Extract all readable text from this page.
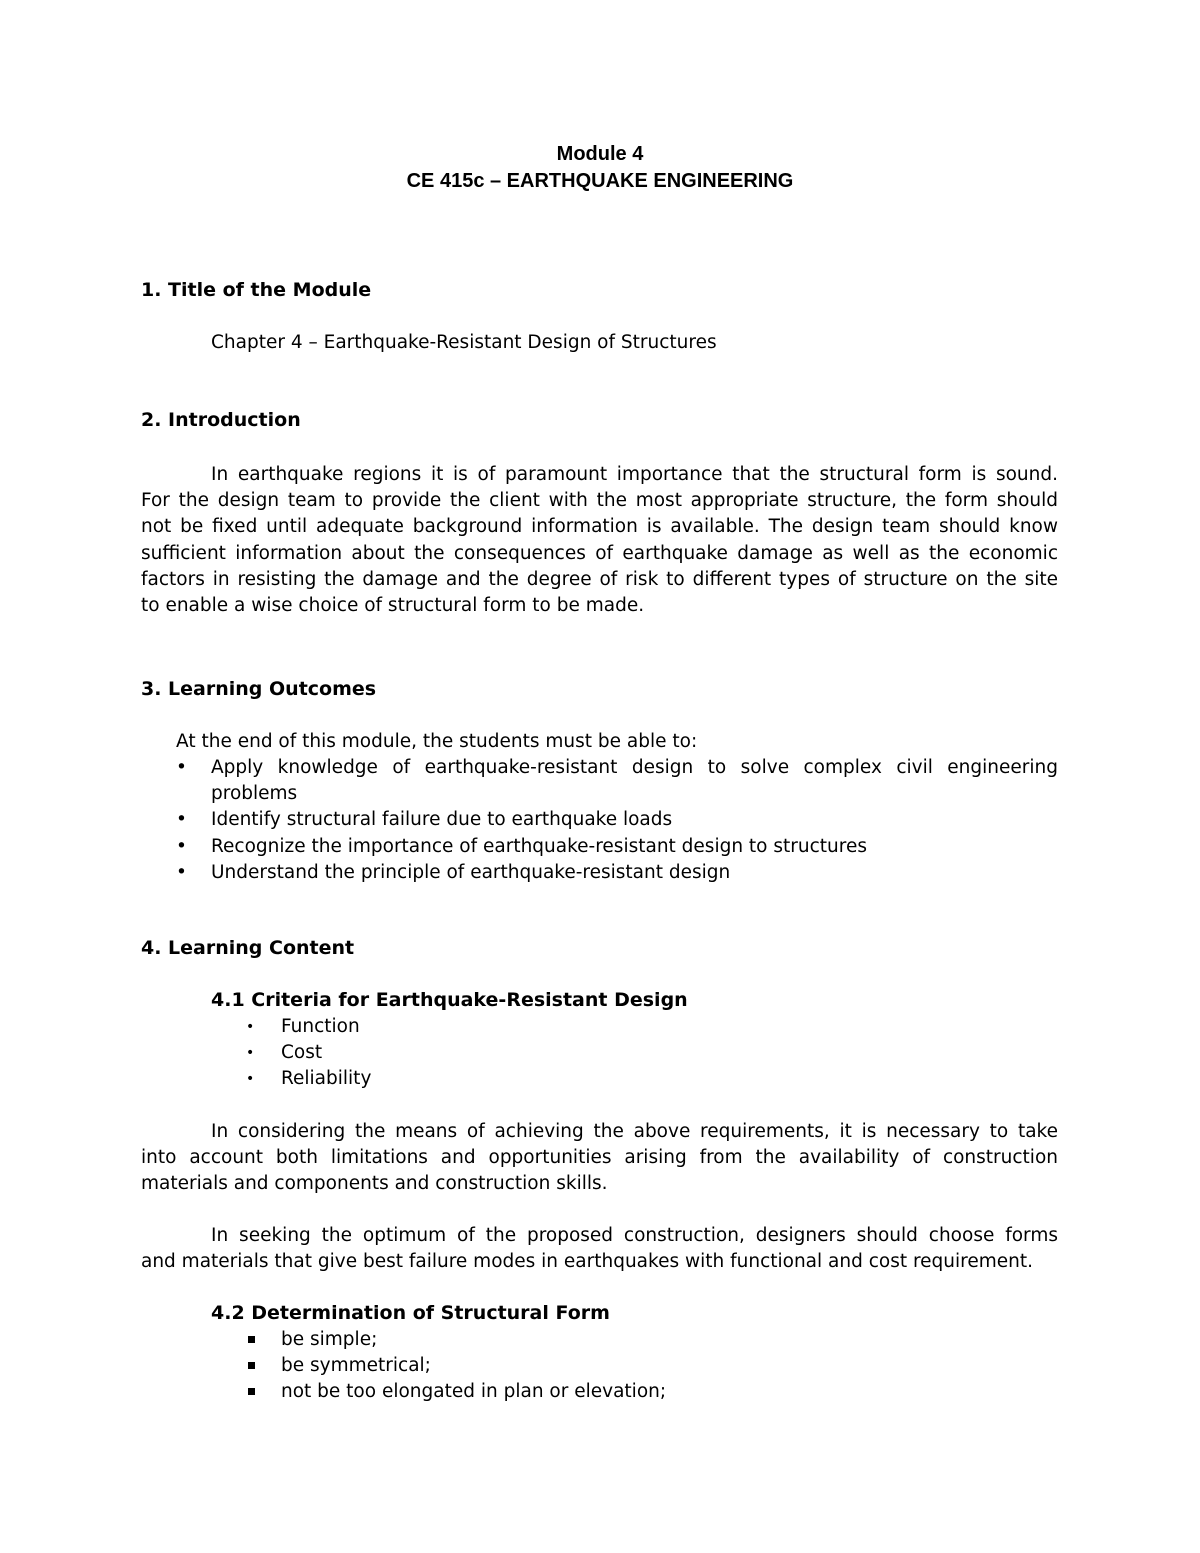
Module 4
CE 415c – EARTHQUAKE ENGINEERING
1. Title of the Module
Chapter 4 – Earthquake-Resistant Design of Structures
2. Introduction
In earthquake regions it is of paramount importance that the structural form is sound.
For the design team to provide the client with the most appropriate structure, the form should
not be fixed until adequate background information is available. The design team should know
sufficient information about the consequences of earthquake damage as well as the economic
factors in resisting the damage and the degree of risk to different types of structure on the site
to enable a wise choice of structural form to be made.
3. Learning Outcomes
At the end of this module, the students must be able to:
• Apply knowledge of earthquake-resistant design to solve complex civil engineering
problems
• Identify structural failure due to earthquake loads
• Recognize the importance of earthquake-resistant design to structures
• Understand the principle of earthquake-resistant design
4. Learning Content
4.1 Criteria for Earthquake-Resistant Design
• Function
• Cost
• Reliability
In considering the means of achieving the above requirements, it is necessary to take
into account both limitations and opportunities arising from the availability of construction
materials and components and construction skills.
In seeking the optimum of the proposed construction, designers should choose forms
and materials that give best failure modes in earthquakes with functional and cost requirement.
4.2 Determination of Structural Form
be simple;
be symmetrical;
not be too elongated in plan or elevation;
